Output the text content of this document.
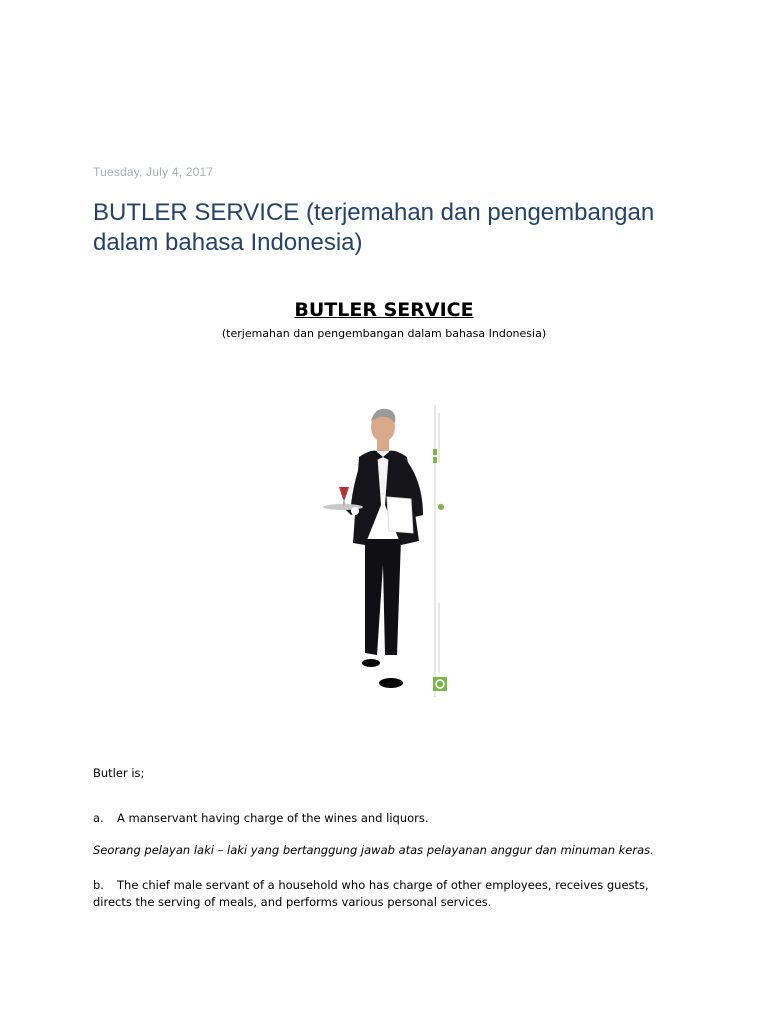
Tuesday, July 4, 2017
BUTLER SERVICE (terjemahan dan pengembangan dalam bahasa Indonesia)
BUTLER SERVICE
(terjemahan dan pengembangan dalam bahasa Indonesia)
Butler is;
a. A manservant having charge of the wines and liquors.
Seorang pelayan laki – laki yang bertanggung jawab atas pelayanan anggur dan minuman keras.
b. The chief male servant of a household who has charge of other employees, receives guests, directs the serving of meals, and performs various personal services.
